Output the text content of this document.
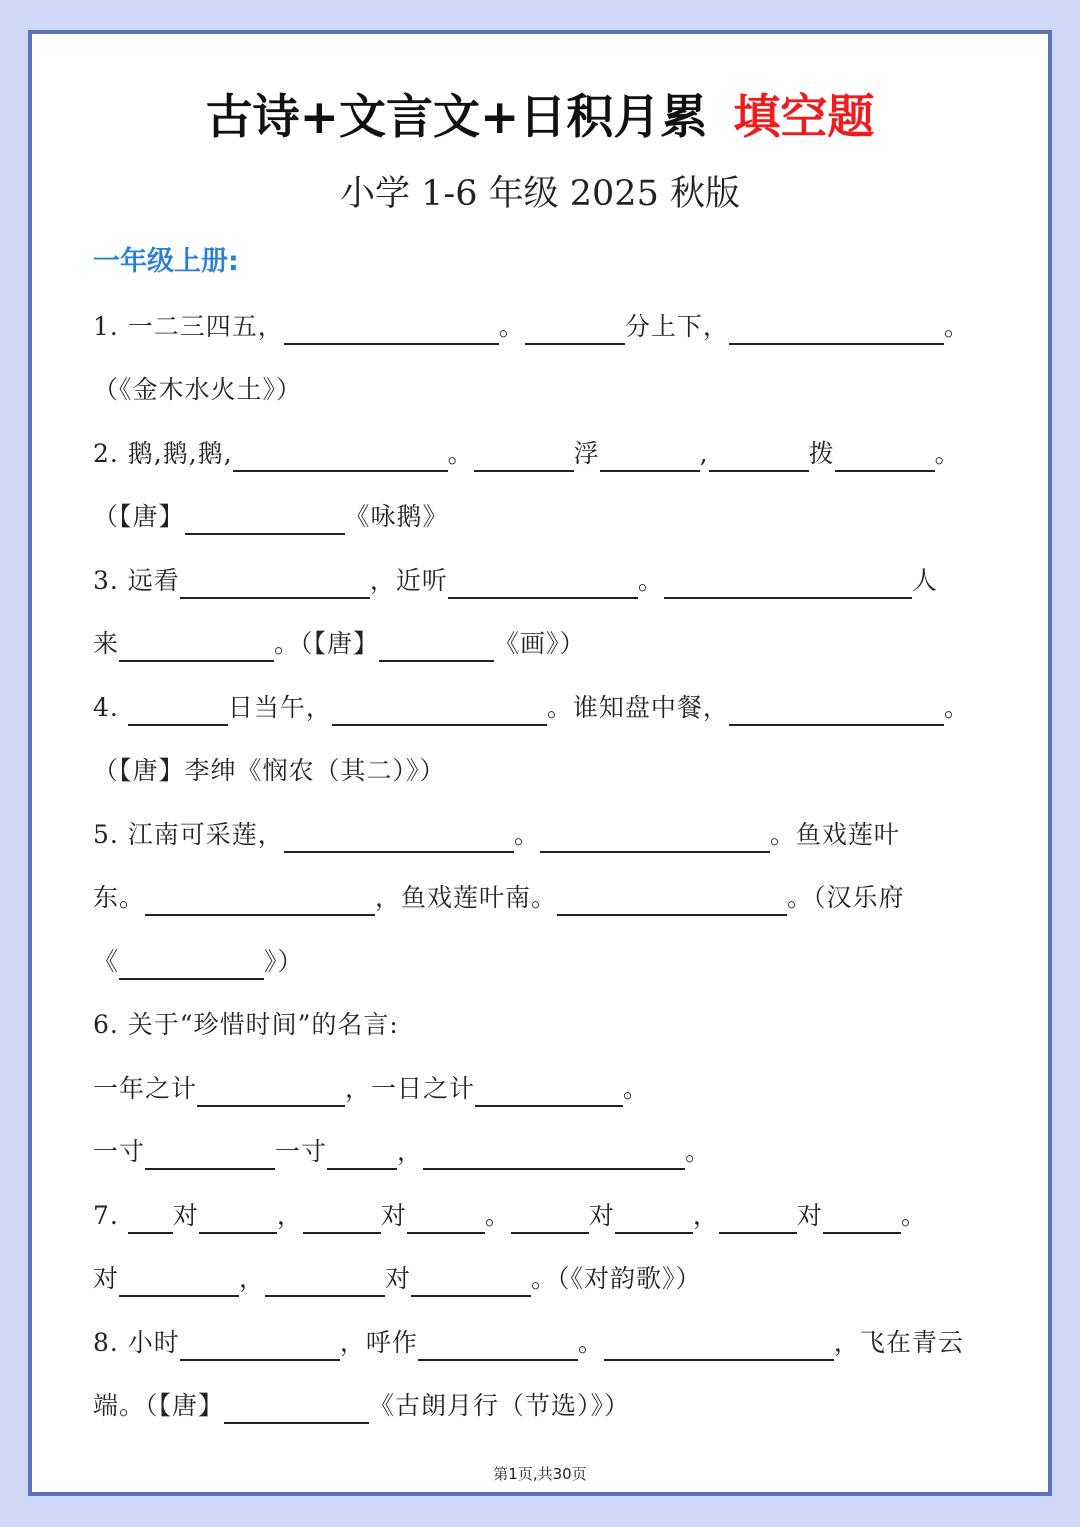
古诗+文言文+日积月累 填空题
小学 1-6 年级 2025 秋版
一年级上册:
1. 一二三四五，	。	分上下，	。
（《金木水火土》）
2. 鹅,鹅,鹅,	。	浮	,	拨	。
（【唐】	《咏鹅》
3. 远看	，近听	。	人
来	。（【唐】	《画》）
4.	日当午，	。谁知盘中餐，	。
（【唐】李绅《悯农（其二）》）
5. 江南可采莲，	。	。鱼戏莲叶
东。	，鱼戏莲叶南。	。（汉乐府
《	》）
6. 关于“珍惜时间”的名言:
一年之计	，一日之计	。
一寸	一寸	，	。
7. 对	，	对	。	对	，	对	。
对	，	对	。（《对韵歌》）
8. 小时	，呼作	。	，飞在青云
端。（【唐】	《古朗月行（节选）》）
第1页,共30页
